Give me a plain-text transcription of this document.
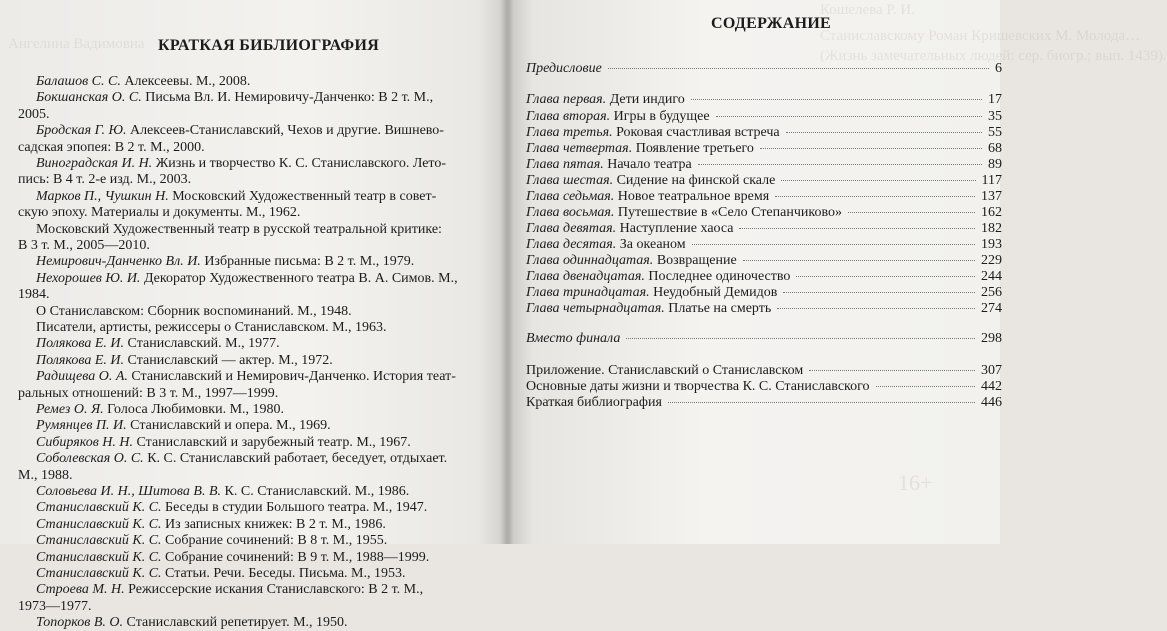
Ангелина Вадимовна КРАТКАЯ БИБЛИОГРАФИЯ
Балашов С. С. Алексеевы. М., 2008.
Бокшанская О. С. Письма Вл. И. Немировичу-Данченко: В 2 т. М.,
2005.
Бродская Г. Ю. Алексеев-Станиславский, Чехов и другие. Вишнево-
садская эпопея: В 2 т. М., 2000.
Виноградская И. Н. Жизнь и творчество К. С. Станиславского. Лето-
пись: В 4 т. 2-е изд. М., 2003.
Марков П., Чушкин Н. Московский Художественный театр в совет-
скую эпоху. Материалы и документы. М., 1962.
Московский Художественный театр в русской театральной критике:
В 3 т. М., 2005—2010.
Немирович-Данченко Вл. И. Избранные письма: В 2 т. М., 1979.
Нехорошев Ю. И. Декоратор Художественного театра В. А. Симов. М.,
1984.
О Станиславском: Сборник воспоминаний. М., 1948.
Писатели, артисты, режиссеры о Станиславском. М., 1963.
Полякова Е. И. Станиславский. М., 1977.
Полякова Е. И. Станиславский — актер. М., 1972.
Радищева О. А. Станиславский и Немирович-Данченко. История теат-
ральных отношений: В 3 т. М., 1997—1999.
Ремез О. Я. Голоса Любимовки. М., 1980.
Румянцев П. И. Станиславский и опера. М., 1969.
Сибиряков Н. Н. Станиславский и зарубежный театр. М., 1967.
Соболевская О. С. К. С. Станиславский работает, беседует, отдыхает.
М., 1988.
Соловьева И. Н., Шитова В. В. К. С. Станиславский. М., 1986.
Станиславский К. С. Беседы в студии Большого театра. М., 1947.
Станиславский К. С. Из записных книжек: В 2 т. М., 1986.
Станиславский К. С. Собрание сочинений: В 8 т. М., 1955.
Станиславский К. С. Собрание сочинений: В 9 т. М., 1988—1999.
Станиславский К. С. Статьи. Речи. Беседы. Письма. М., 1953.
Строева М. Н. Режиссерские искания Станиславского: В 2 т. М.,
1973—1977.
Топорков В. О. Станиславский репетирует. М., 1950.
Кошелева Р. И.
Станиславскому Роман Кришевских М. Молода…
(Жизнь замечательных людей: сер. биогр.; вып. 1439).
16+
СОДЕРЖАНИЕ
Предисловие	6
Глава первая. Дети индиго	17
Глава вторая. Игры в будущее	35
Глава третья. Роковая счастливая встреча	55
Глава четвертая. Появление третьего	68
Глава пятая. Начало театра	89
Глава шестая. Сидение на финской скале	117
Глава седьмая. Новое театральное время	137
Глава восьмая. Путешествие в «Село Степанчиково»	162
Глава девятая. Наступление хаоса	182
Глава десятая. За океаном	193
Глава одиннадцатая. Возвращение	229
Глава двенадцатая. Последнее одиночество	244
Глава тринадцатая. Неудобный Демидов	256
Глава четырнадцатая. Платье на смерть	274
Вместо финала	298
Приложение. Станиславский о Станиславском	307
Основные даты жизни и творчества К. С. Станиславского	442
Краткая библиография	446
